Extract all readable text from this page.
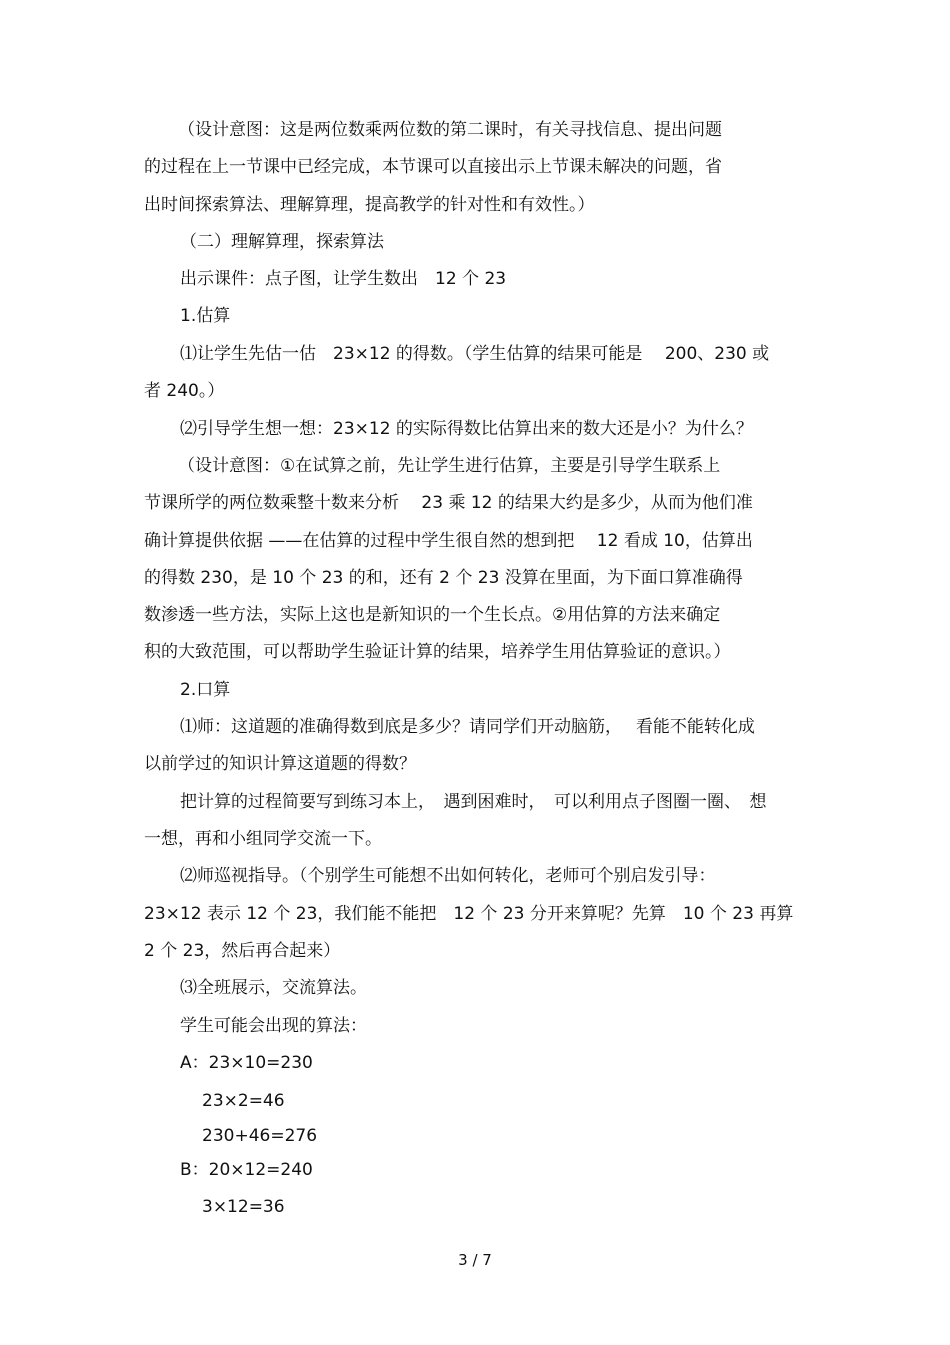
（设计意图：这是两位数乘两位数的第二课时，有关寻找信息、提出问题

的过程在上一节课中已经完成，本节课可以直接出示上节课未解决的问题，省

出时间探索算法、理解算理，提高教学的针对性和有效性。）

（二）理解算理，探索算法

出示课件：点子图，让学生数出　12 个 23

1.估算

⑴让学生先估一估　23×12 的得数。（学生估算的结果可能是　 200、230 或

者 240。）

⑵引导学生想一想：23×12 的实际得数比估算出来的数大还是小？为什么？

（设计意图：①在试算之前，先让学生进行估算，主要是引导学生联系上

节课所学的两位数乘整十数来分析　 23 乘 12 的结果大约是多少，从而为他们准

确计算提供依据 ——在估算的过程中学生很自然的想到把　 12 看成 10，估算出

的得数 230，是 10 个 23 的和，还有 2 个 23 没算在里面，为下面口算准确得

数渗透一些方法，实际上这也是新知识的一个生长点。②用估算的方法来确定

积的大致范围，可以帮助学生验证计算的结果，培养学生用估算验证的意识。）

2.口算

⑴师：这道题的准确得数到底是多少？请同学们开动脑筋，　 看能不能转化成

以前学过的知识计算这道题的得数？

把计算的过程简要写到练习本上，　遇到困难时，　可以利用点子图圈一圈、　想

一想，再和小组同学交流一下。

⑵师巡视指导。（个别学生可能想不出如何转化，老师可个别启发引导：

23×12 表示 12 个 23，我们能不能把　12 个 23 分开来算呢？先算　10 个 23 再算

2 个 23，然后再合起来）

⑶全班展示，交流算法。

学生可能会出现的算法：

A：23×10=230

23×2=46

230+46=276

B：20×12=240

3×12=36

3 / 7
